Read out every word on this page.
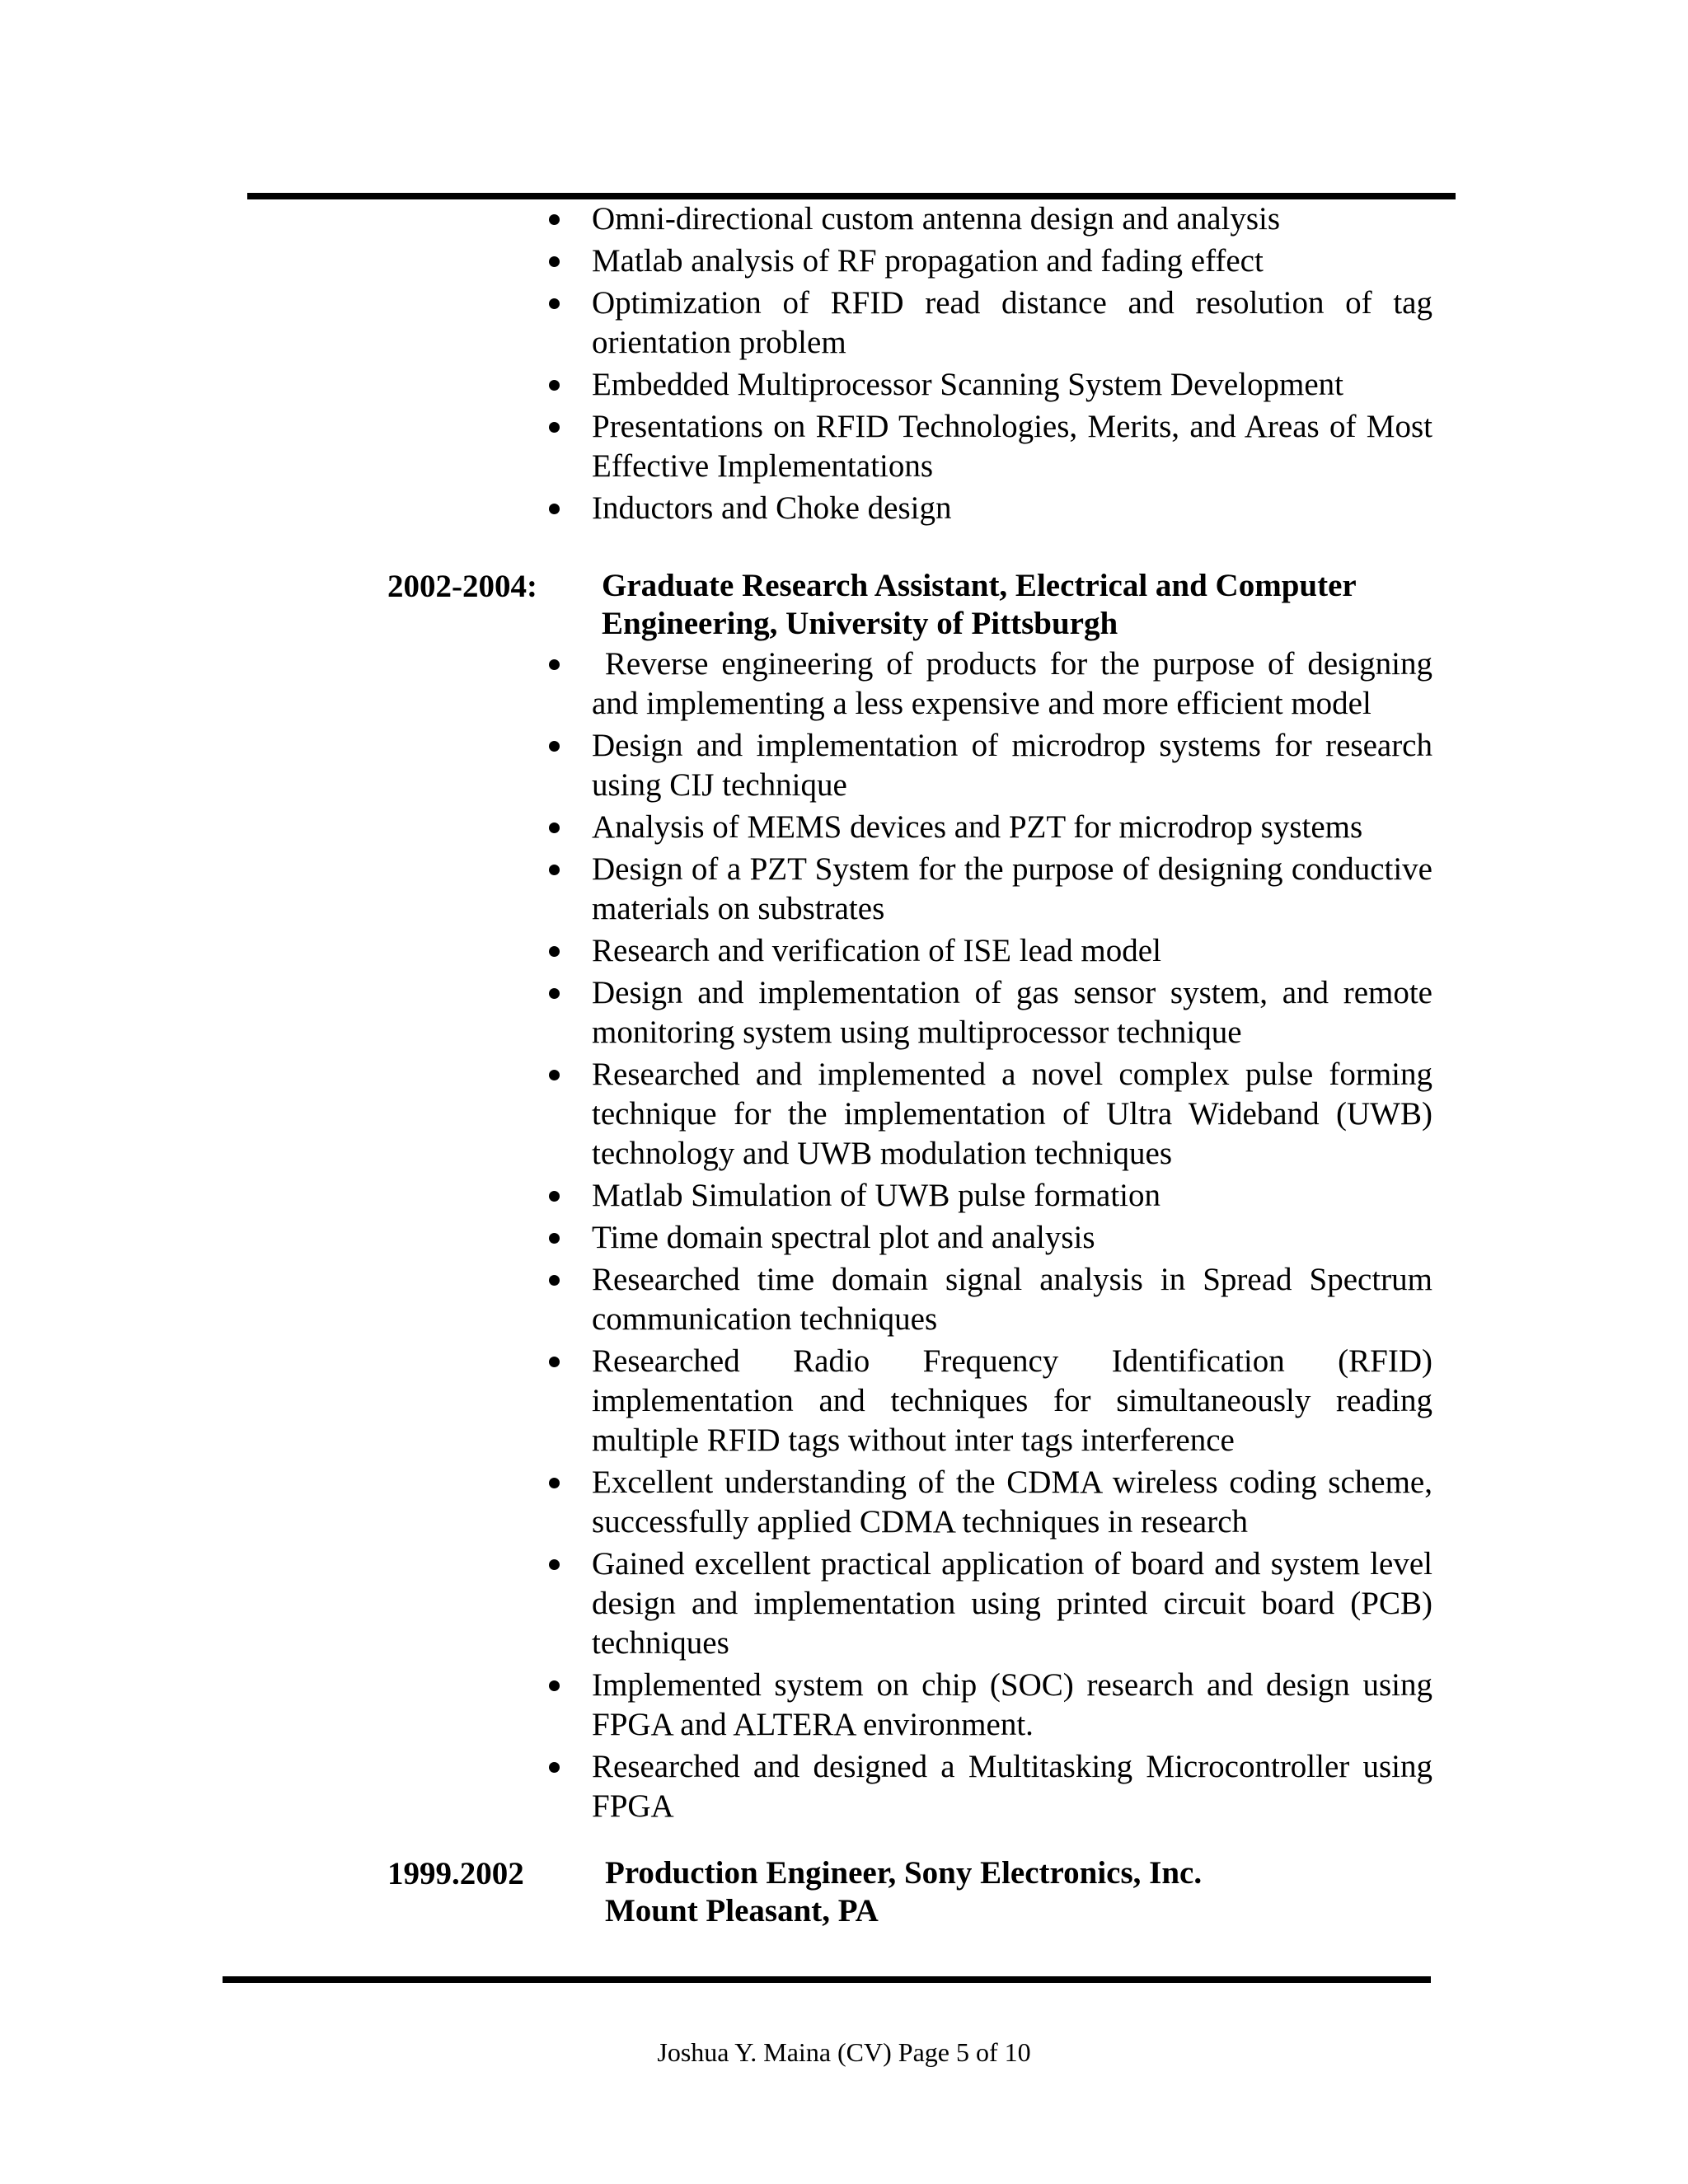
Omni-directional custom antenna design and analysis
Matlab analysis of RF propagation and fading effect
Optimization of RFID read distance and resolution of tag orientation problem
Embedded Multiprocessor Scanning System Development
Presentations on RFID Technologies, Merits, and Areas of Most Effective Implementations
Inductors and Choke design
2002-2004: Graduate Research Assistant, Electrical and Computer
Engineering, University of Pittsburgh
Reverse engineering of products for the purpose of designing and implementing a less expensive and more efficient model
Design and implementation of microdrop systems for research using CIJ technique
Analysis of MEMS devices and PZT for microdrop systems
Design of a PZT System for the purpose of designing conductive materials on substrates
Research and verification of ISE lead model
Design and implementation of gas sensor system, and remote monitoring system using multiprocessor technique
Researched and implemented a novel complex pulse forming technique for the implementation of Ultra Wideband (UWB) technology and UWB modulation techniques
Matlab Simulation of UWB pulse formation
Time domain spectral plot and analysis
Researched time domain signal analysis in Spread Spectrum communication techniques
Researched Radio Frequency Identification (RFID) implementation and techniques for simultaneously reading multiple RFID tags without inter tags interference
Excellent understanding of the CDMA wireless coding scheme, successfully applied CDMA techniques in research
Gained excellent practical application of board and system level design and implementation using printed circuit board (PCB) techniques
Implemented system on chip (SOC) research and design using FPGA and ALTERA environment.
Researched and designed a Multitasking Microcontroller using FPGA
1999.2002	Production Engineer, Sony Electronics, Inc.
Mount Pleasant, PA
Joshua Y. Maina (CV) Page 5 of 10
